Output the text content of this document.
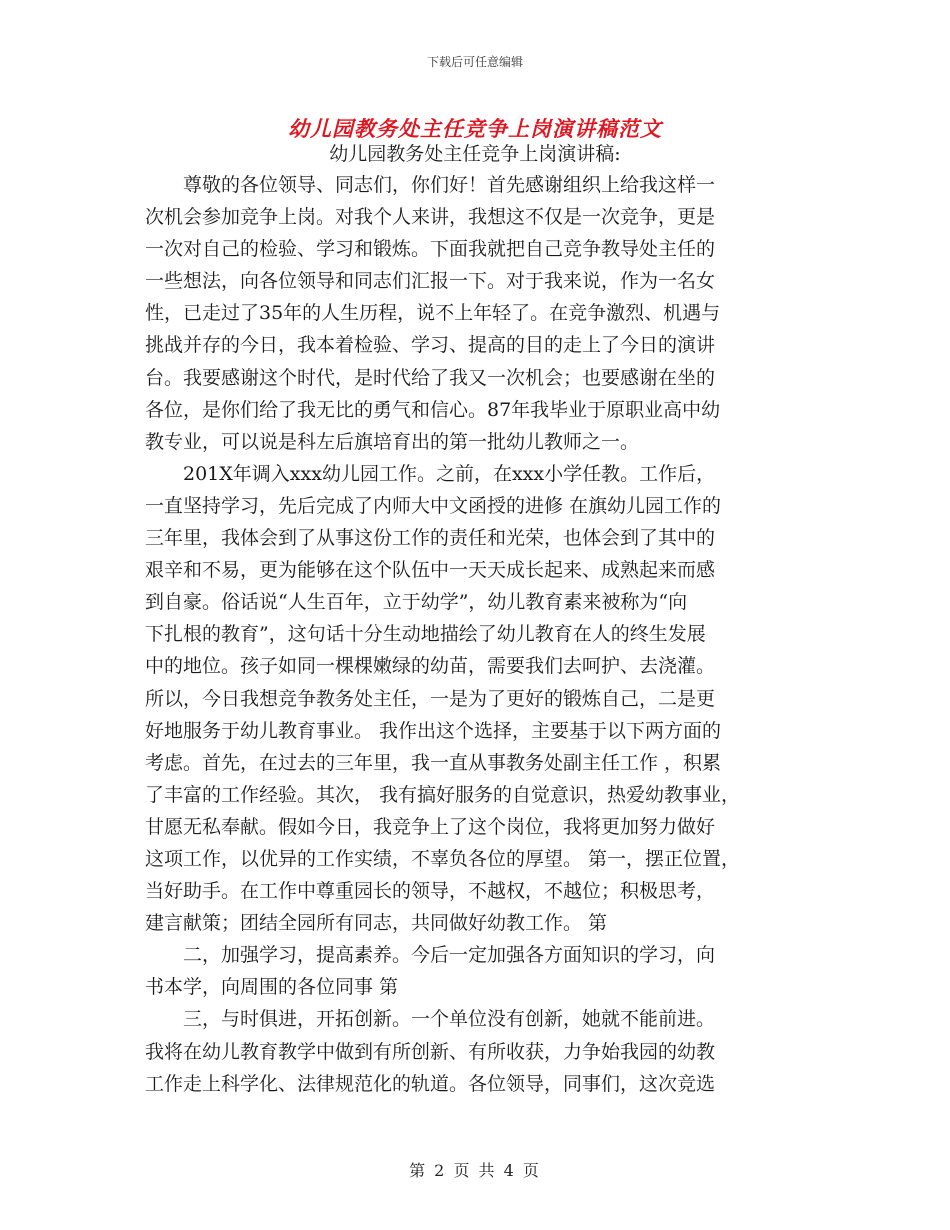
下载后可任意编辑
幼儿园教务处主任竞争上岗演讲稿范文
幼儿园教务处主任竞争上岗演讲稿:
　　尊敬的各位领导、同志们，你们好！首先感谢组织上给我这样一
次机会参加竞争上岗。对我个人来讲，我想这不仅是一次竞争，更是
一次对自己的检验、学习和锻炼。下面我就把自己竞争教导处主任的
一些想法，向各位领导和同志们汇报一下。对于我来说，作为一名女
性，已走过了35年的人生历程，说不上年轻了。在竞争激烈、机遇与
挑战并存的今日，我本着检验、学习、提高的目的走上了今日的演讲
台。我要感谢这个时代，是时代给了我又一次机会；也要感谢在坐的
各位，是你们给了我无比的勇气和信心。87年我毕业于原职业高中幼
教专业，可以说是科左后旗培育出的第一批幼儿教师之一。
　　201X年调入xxx幼儿园工作。之前，在xxx小学任教。工作后，
一直坚持学习，先后完成了内师大中文函授的进修 在旗幼儿园工作的
三年里，我体会到了从事这份工作的责任和光荣，也体会到了其中的
艰辛和不易，更为能够在这个队伍中一天天成长起来、成熟起来而感
到自豪。俗话说“人生百年，立于幼学”，幼儿教育素来被称为“向
下扎根的教育”，这句话十分生动地描绘了幼儿教育在人的终生发展
中的地位。孩子如同一棵棵嫩绿的幼苗，需要我们去呵护、去浇灌。
所以，今日我想竞争教务处主任，一是为了更好的锻炼自己，二是更
好地服务于幼儿教育事业。 我作出这个选择，主要基于以下两方面的
考虑。首先，在过去的三年里，我一直从事教务处副主任工作 ，积累
了丰富的工作经验。其次， 我有搞好服务的自觉意识，热爱幼教事业，
甘愿无私奉献。假如今日，我竞争上了这个岗位，我将更加努力做好
这项工作，以优异的工作实绩，不辜负各位的厚望。 第一，摆正位置，
当好助手。在工作中尊重园长的领导，不越权，不越位；积极思考，
建言献策；团结全园所有同志，共同做好幼教工作。 第
　　二，加强学习，提高素养。今后一定加强各方面知识的学习，向
书本学，向周围的各位同事 第
　　三，与时俱进，开拓创新。一个单位没有创新，她就不能前进。
我将在幼儿教育教学中做到有所创新、有所收获，力争始我园的幼教
工作走上科学化、法律规范化的轨道。各位领导，同事们，这次竞选
第 2 页 共 4 页
